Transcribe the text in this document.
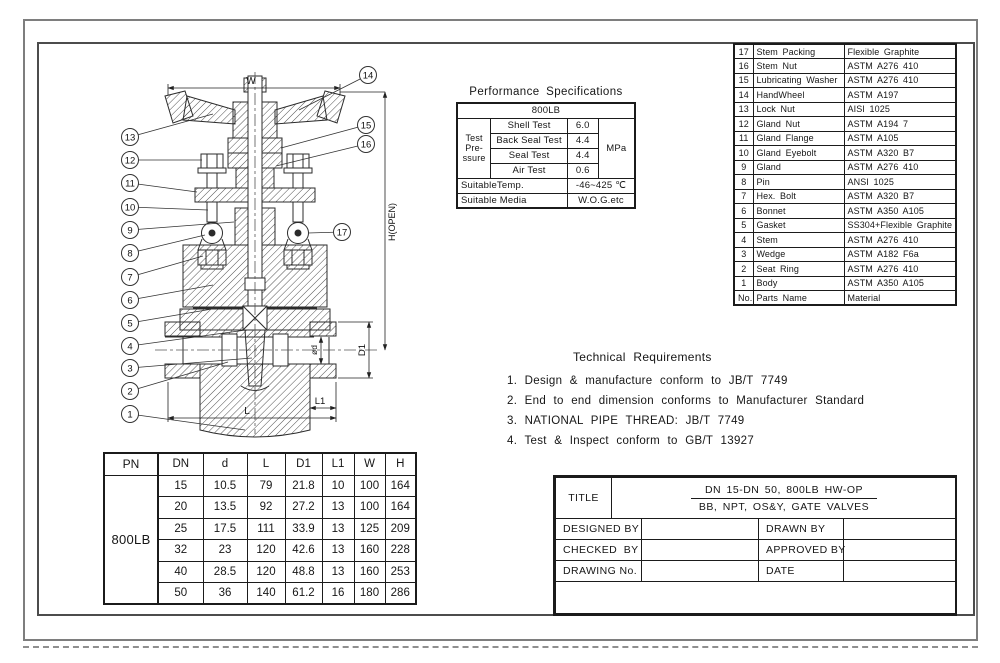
W
H(OPEN)
L
L1
D1
ød
13
12
11
10
9
8
7
6
5
4
3
2
1
14
15
16
17
Performance Specifications
800LB			
Test
Pre-
ssure	Shell Test	6.0	MPa
	Back Seal Test	4.4	
	Seal Test	4.4	
	Air Test	0.6	
SuitableTemp.		-46~425 ℃	
Suitable Media		W.O.G.etc	
17	Stem Packing	Flexible Graphite
16	Stem Nut	ASTM A276 410
15	Lubricating Washer	ASTM A276 410
14	HandWheel	ASTM A197
13	Lock Nut	AISI 1025
12	Gland Nut	ASTM A194 7
11	Gland Flange	ASTM A105
10	Gland Eyebolt	ASTM A320 B7
9	Gland	ASTM A276 410
8	Pin	ANSI 1025
7	Hex. Bolt	ASTM A320 B7
6	Bonnet	ASTM A350 A105
5	Gasket	SS304+Flexible Graphite
4	Stem	ASTM A276 410
3	Wedge	ASTM A182 F6a
2	Seat Ring	ASTM A276 410
1	Body	ASTM A350 A105
No.	Parts Name	Material
Technical Requirements
1. Design & manufacture conform to JB/T 7749
2. End to end dimension conforms to Manufacturer Standard
3. NATIONAL PIPE THREAD: JB/T 7749
4. Test & Inspect conform to GB/T 13927
PN
800LB
DN	d	L	D1	L1	W	H
15	10.5	79	21.8	10	100	164
20	13.5	92	27.2	13	100	164
25	17.5	111	33.9	13	125	209
32	23	120	42.6	13	160	228
40	28.5	120	48.8	13	160	253
50	36	140	61.2	16	180	286
TITLE
DN 15-DN 50, 800LB HW-OP
BB, NPT, OS&Y, GATE VALVES
DESIGNED BY	DRAWN BY
CHECKED  BY	APPROVED BY
DRAWING No.	DATE
